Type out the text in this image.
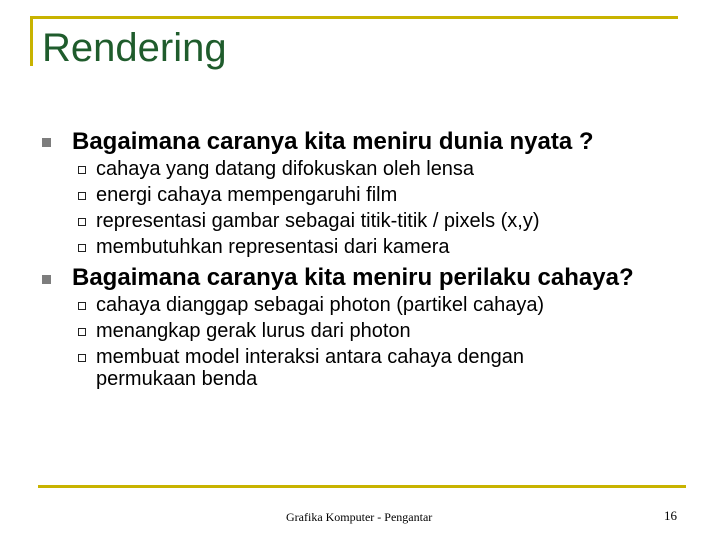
Rendering
Bagaimana caranya kita meniru dunia nyata ?
cahaya yang datang difokuskan oleh lensa
energi cahaya mempengaruhi film
representasi gambar sebagai titik-titik / pixels (x,y)
membutuhkan representasi dari kamera
Bagaimana caranya kita meniru perilaku cahaya?
cahaya dianggap sebagai photon (partikel cahaya)
menangkap gerak lurus dari photon
membuat model interaksi antara cahaya dengan permukaan benda
Grafika Komputer - Pengantar	16
